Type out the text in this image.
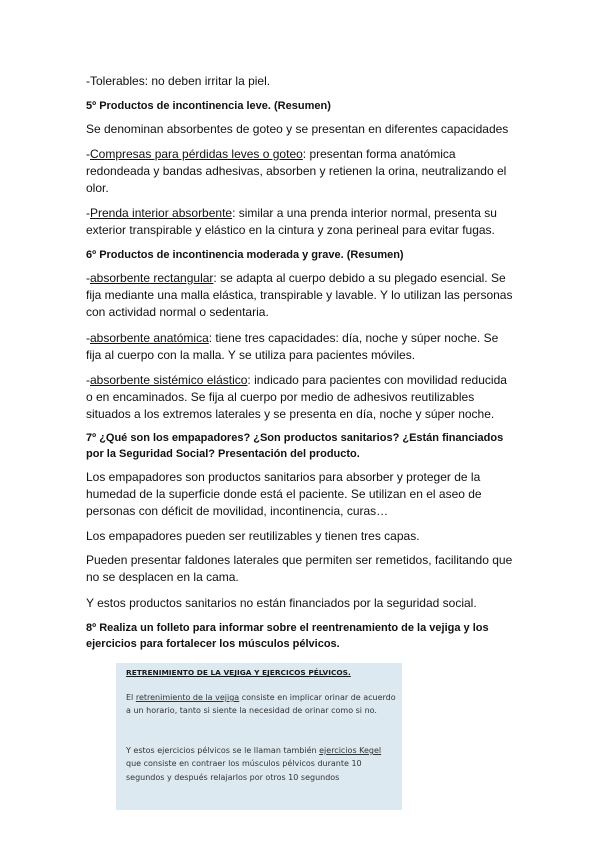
-Tolerables: no deben irritar la piel.

5º Productos de incontinencia leve. (Resumen)

Se denominan absorbentes de goteo y se presentan en diferentes capacidades

-Compresas para pérdidas leves o goteo: presentan forma anatómica redondeada y bandas adhesivas, absorben y retienen la orina, neutralizando el olor.

-Prenda interior absorbente: similar a una prenda interior normal, presenta su exterior transpirable y elástico en la cintura y zona perineal para evitar fugas.

6º Productos de incontinencia moderada y grave. (Resumen)

-absorbente rectangular: se adapta al cuerpo debido a su plegado esencial. Se fija mediante una malla elástica, transpirable y lavable. Y lo utilizan las personas con actividad normal o sedentaria.

-absorbente anatómica: tiene tres capacidades: día, noche y súper noche. Se fija al cuerpo con la malla. Y se utiliza para pacientes móviles.

-absorbente sistémico elástico: indicado para pacientes con movilidad reducida o en encaminados. Se fija al cuerpo por medio de adhesivos reutilizables situados a los extremos laterales y se presenta en día, noche y súper noche.

7º ¿Qué son los empapadores? ¿Son productos sanitarios? ¿Están financiados por la Seguridad Social? Presentación del producto.

Los empapadores son productos sanitarios para absorber y proteger de la humedad de la superficie donde está el paciente. Se utilizan en el aseo de personas con déficit de movilidad, incontinencia, curas…

Los empapadores pueden ser reutilizables y tienen tres capas.

Pueden presentar faldones laterales que permiten ser remetidos, facilitando que no se desplacen en la cama.

Y estos productos sanitarios no están financiados por la seguridad social.

8º Realiza un folleto para informar sobre el reentrenamiento de la vejiga y los ejercicios para fortalecer los músculos pélvicos.

RETRENIMIENTO DE LA VEJIGA Y EJERCICOS PÉLVICOS.

El retrenimiento de la vejiga consiste en implicar orinar de acuerdo a un horario, tanto si siente la necesidad de orinar como si no.

Y estos ejercicios pélvicos se le llaman también ejercicios Kegel que consiste en contraer los músculos pélvicos durante 10 segundos y después relajarlos por otros 10 segundos
